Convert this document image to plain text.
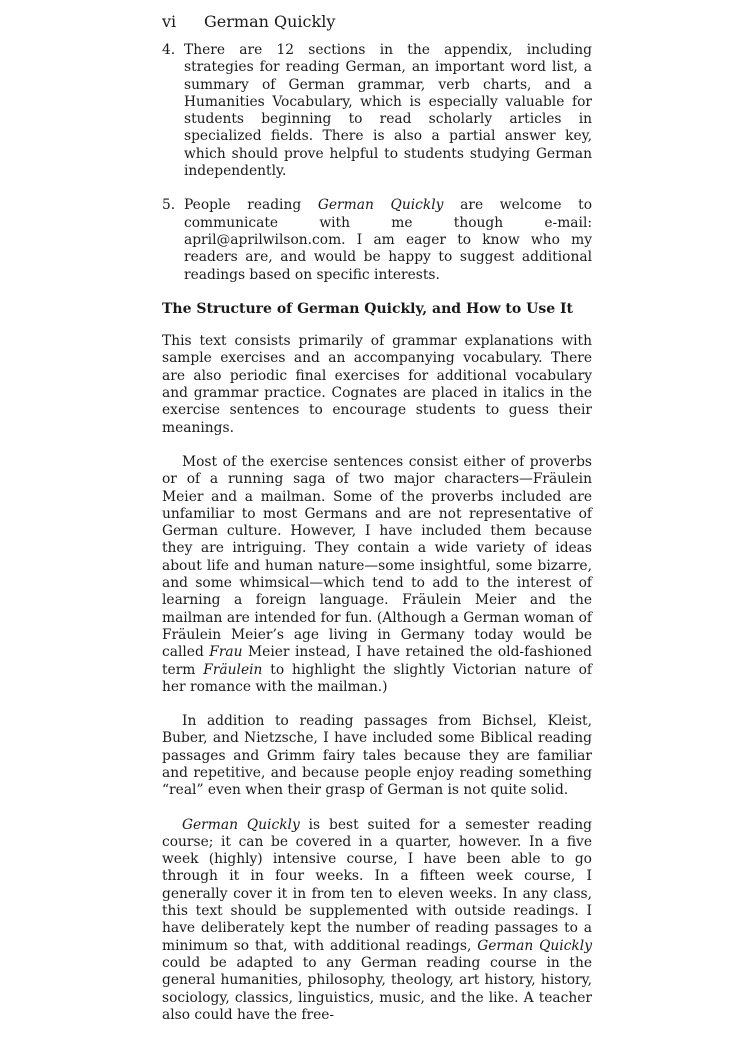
vi German Quickly
4. There are 12 sections in the appendix, including strategies for reading German, an important word list, a summary of German grammar, verb charts, and a Humanities Vocabulary, which is especially valuable for students beginning to read scholarly articles in specialized fields. There is also a partial answer key, which should prove helpful to students studying German independently.

5. People reading German Quickly are welcome to communicate with me though e-mail: april@aprilwilson.com. I am eager to know who my readers are, and would be happy to suggest additional readings based on specific interests.

The Structure of German Quickly, and How to Use It

This text consists primarily of grammar explanations with sample exercises and an accompanying vocabulary. There are also periodic final exercises for additional vocabulary and grammar practice. Cognates are placed in italics in the exercise sentences to encourage students to guess their meanings.

Most of the exercise sentences consist either of proverbs or of a running saga of two major characters—Fräulein Meier and a mailman. Some of the proverbs included are unfamiliar to most Germans and are not representative of German culture. However, I have included them because they are intriguing. They contain a wide variety of ideas about life and human nature—some insightful, some bizarre, and some whimsical—which tend to add to the interest of learning a foreign language. Fräulein Meier and the mailman are intended for fun. (Although a German woman of Fräulein Meier’s age living in Germany today would be called Frau Meier instead, I have retained the old-fashioned term Fräulein to highlight the slightly Victorian nature of her romance with the mailman.)

In addition to reading passages from Bichsel, Kleist, Buber, and Nietzsche, I have included some Biblical reading passages and Grimm fairy tales because they are familiar and repetitive, and because people enjoy reading something “real” even when their grasp of German is not quite solid.

German Quickly is best suited for a semester reading course; it can be covered in a quarter, however. In a five week (highly) intensive course, I have been able to go through it in four weeks. In a fifteen week course, I generally cover it in from ten to eleven weeks. In any class, this text should be supplemented with outside readings. I have deliberately kept the number of reading passages to a minimum so that, with additional readings, German Quickly could be adapted to any German reading course in the general humanities, philosophy, theology, art history, history, sociology, classics, linguistics, music, and the like. A teacher also could have the free-
